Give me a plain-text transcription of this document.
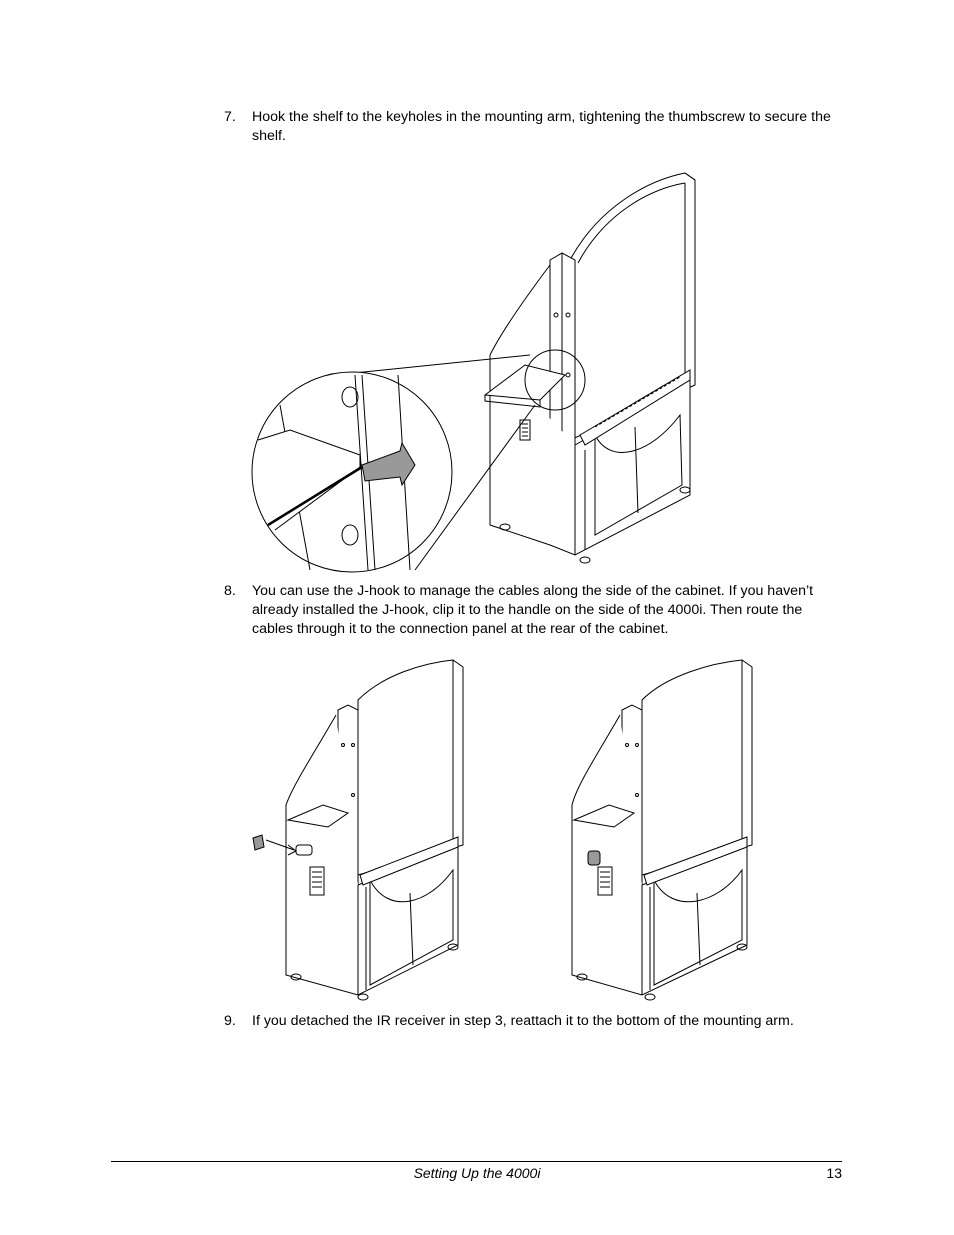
7. Hook the shelf to the keyholes in the mounting arm, tightening the thumbscrew to secure the shelf.
8. You can use the J-hook to manage the cables along the side of the cabinet. If you haven’t already installed the J-hook, clip it to the handle on the side of the 4000i. Then route the cables through it to the connection panel at the rear of the cabinet.
9. If you detached the IR receiver in step 3, reattach it to the bottom of the mounting arm.
Setting Up the 4000i	13
